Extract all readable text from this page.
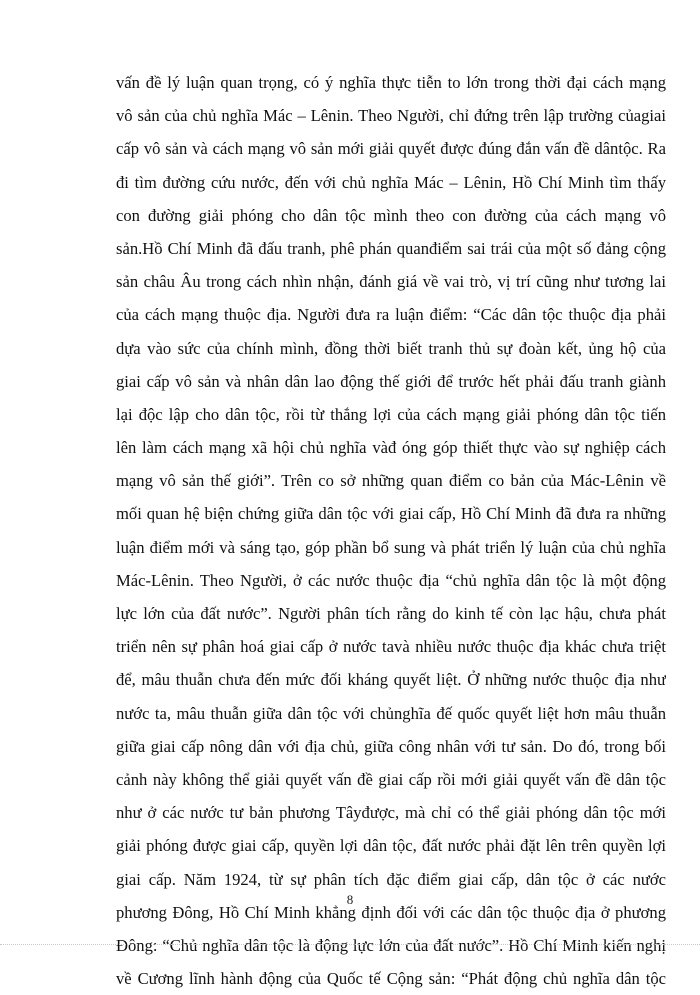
vấn đề lý luận quan trọng, có ý nghĩa thực tiễn to lớn trong thời đại cách mạng
vô sản của chủ nghĩa Mác – Lênin. Theo Người, chỉ đứng trên lập trường củagiai
cấp vô sản và cách mạng vô sản mới giải quyết được đúng đắn vấn đề dântộc. Ra
đi tìm đường cứu nước, đến với chủ nghĩa Mác – Lênin, Hồ Chí Minh tìm thấy
con đường giải phóng cho dân tộc mình theo con đường của cách mạng vô
sản.Hồ Chí Minh đã đấu tranh, phê phán quanđiểm sai trái của một số đảng cộng
sản châu Âu trong cách nhìn nhận, đánh giá về vai trò, vị trí cũng như tương lai
của cách mạng thuộc địa. Người đưa ra luận điểm: “Các dân tộc thuộc địa phải
dựa vào sức của chính mình, đồng thời biết tranh thủ sự đoàn kết, ủng hộ của
giai cấp vô sản và nhân dân lao động thế giới để trước hết phải đấu tranh giành
lại độc lập cho dân tộc, rồi từ thắng lợi của cách mạng giải phóng dân tộc tiến
lên làm cách mạng xã hội chủ nghĩa vàđ óng góp thiết thực vào sự nghiệp cách
mạng vô sản thế giới”. Trên co sở những quan điểm co bản của Mác-Lênin về
mối quan hệ biện chứng giữa dân tộc với giai cấp, Hồ Chí Minh đã đưa ra những
luận điểm mới và sáng tạo, góp phần bổ sung và phát triển lý luận của chủ nghĩa
Mác-Lênin. Theo Người, ở các nước thuộc địa “chủ nghĩa dân tộc là một động
lực lớn của đất nước”. Người phân tích rằng do kinh tế còn lạc hậu, chưa phát
triển nên sự phân hoá giai cấp ở nước tavà nhiều nước thuộc địa khác chưa triệt
để, mâu thuẫn chưa đến mức đối kháng quyết liệt. Ở những nước thuộc địa như
nước ta, mâu thuẫn giữa dân tộc với chủnghĩa đế quốc quyết liệt hơn mâu thuẫn
giữa giai cấp nông dân với địa chủ, giữa công nhân với tư sản. Do đó, trong bối
cảnh này không thể giải quyết vấn đề giai cấp rồi mới giải quyết vấn đề dân tộc
như ở các nước tư bản phương Tâyđược, mà chỉ có thể giải phóng dân tộc mới
giải phóng được giai cấp, quyền lợi dân tộc, đất nước phải đặt lên trên quyền lợi
giai cấp. Năm 1924, từ sự phân tích đặc điểm giai cấp, dân tộc ở các nước
phương Đông, Hồ Chí Minh khẳng định đối với các dân tộc thuộc địa ở phương
Đông: “Chủ nghĩa dân tộc là động lực lớn của đất nước”. Hồ Chí Minh kiến nghị
về Cương lĩnh hành động của Quốc tế Cộng sản: “Phát động chủ nghĩa dân tộc
8
